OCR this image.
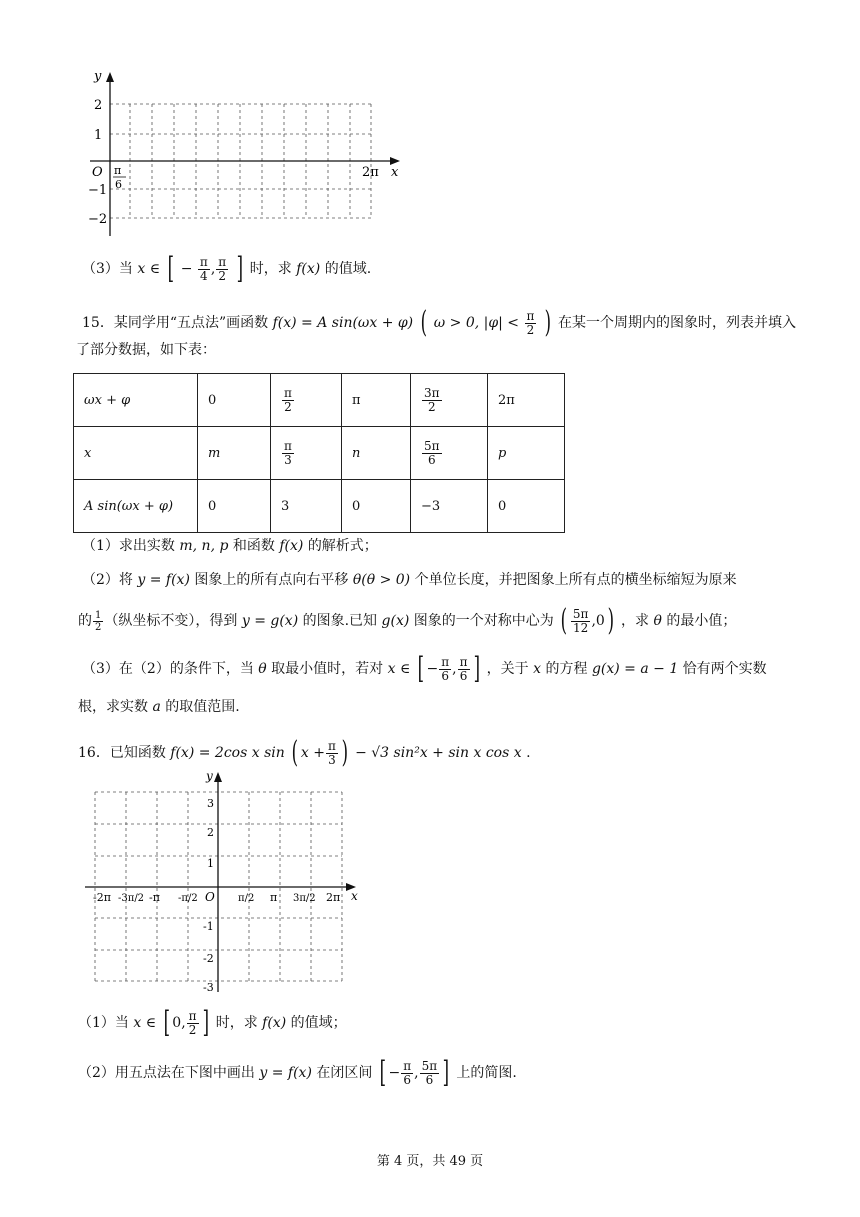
y
x
O
2
1
−1
−2
π
6
2π
（3）当 x ∈ [ − $\frac{\pi}{4}$ , $\frac{\pi}{2}$ ] 时，求 f(x) 的值域.
15．某同学用“五点法”画函数 f(x) = A sin(ωx + φ) ( ω > 0, $|\varphi| < \frac{\pi}{2}$ ) 在某一个周期内的图象时，列表并填入
了部分数据，如下表：
ωx + φ	0	$\frac{\pi}{2}$	π	$\frac{3\pi}{2}$	2π
x	m	$\frac{\pi}{3}$	n	$\frac{5\pi}{6}$	p
A sin(ωx + φ)	0	3	0	−3	0
（1）求出实数 m, n, p 和函数 f(x) 的解析式；
（2）将 y = f(x) 图象上的所有点向右平移 θ(θ > 0) 个单位长度，并把图象上所有点的横坐标缩短为原来
的 $\frac{1}{2}$ （纵坐标不变），得到 y = g(x) 的图象.已知 g(x) 图象的一个对称中心为 ( $\frac{5\pi}{12} ,0$) ，求 θ 的最小值；
（3）在（2）的条件下，当 θ 取最小值时，若对 x ∈ [ − $\frac{\pi}{6}$ , $\frac{\pi}{6}$ ] ，关于 x 的方程 g(x) = a − 1 恰有两个实数
根，求实数 a 的取值范围.
16．已知函数 f(x) = 2cos x sin ( $x + \frac{\pi}{3}$ ) − √3 sin²x + sin x cos x .
y
x
O
3
2
1
-1
-2
-3
-2π -3π/2 -π -π/2	π/2 π 3π/2 2π
（1）当 x ∈ [ 0, $\frac{\pi}{2}$ ] 时，求 f(x) 的值域；
（2）用五点法在下图中画出 y = f(x) 在闭区间 [ − $\frac{\pi}{6}$ , $\frac{5\pi}{6}$ ] 上的简图.
第 4 页，共 49 页
